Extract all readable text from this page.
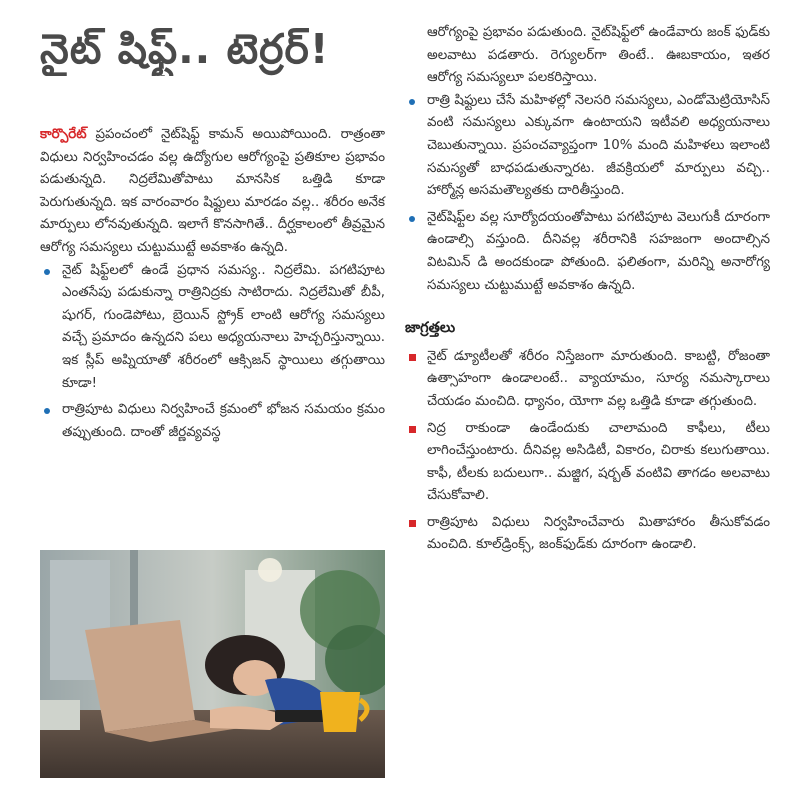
నైట్ షిఫ్ట్.. టెర్రర్!

కార్పొరేట్ ప్రపంచంలో నైట్‌షిఫ్ట్ కామన్ అయిపోయింది. రాత్రంతా విధులు నిర్వహించడం వల్ల ఉద్యోగుల ఆరోగ్యంపై ప్రతికూల ప్రభావం పడుతున్నది. నిద్రలేమితోపాటు మానసిక ఒత్తిడి కూడా పెరుగుతున్నది. ఇక వారంవారం షిఫ్టులు మారడం వల్ల.. శరీరం అనేక మార్పులు లోనవుతున్నది. ఇలాగే కొనసాగితే.. దీర్ఘకాలంలో తీవ్రమైన ఆరోగ్య సమస్యలు చుట్టుముట్టే అవకాశం ఉన్నది.

నైట్ షిఫ్ట్‌లలో ఉండే ప్రధాన సమస్య.. నిద్రలేమి. పగటిపూట ఎంతసేపు పడుకున్నా రాత్రినిద్రకు సాటిరాదు. నిద్రలేమితో బీపీ, షుగర్, గుండెపోటు, బ్రెయిన్ స్ట్రోక్ లాంటి ఆరోగ్య సమస్యలు వచ్చే ప్రమాదం ఉన్నదని పలు అధ్యయనాలు హెచ్చరిస్తున్నాయి. ఇక స్లీప్ అప్నియాతో శరీరంలో ఆక్సిజన్ స్థాయిలు తగ్గుతాయి కూడా!
రాత్రిపూట విధులు నిర్వహించే క్రమంలో భోజన సమయం క్రమం తప్పుతుంది. దాంతో జీర్ణవ్యవస్థ

ఆరోగ్యంపై ప్రభావం పడుతుంది. నైట్‌షిఫ్ట్‌లో ఉండేవారు జంక్ ఫుడ్‌కు అలవాటు పడతారు. రెగ్యులర్‌గా తింటే.. ఊబకాయం, ఇతర ఆరోగ్య సమస్యలూ పలకరిస్తాయి.

రాత్రి షిఫ్టులు చేసే మహిళల్లో నెలసరి సమస్యలు, ఎండోమెట్రియోసిస్ వంటి సమస్యలు ఎక్కువగా ఉంటాయని ఇటీవలి అధ్యయనాలు చెబుతున్నాయి. ప్రపంచవ్యాప్తంగా 10% మంది మహిళలు ఇలాంటి సమస్యతో బాధపడుతున్నారట. జీవక్రియలో మార్పులు వచ్చి.. హార్మోన్ల అసమతౌల్యతకు దారితీస్తుంది.
నైట్‌షిఫ్ట్‌ల వల్ల సూర్యోదయంతోపాటు పగటిపూట వెలుగుకీ దూరంగా ఉండాల్సి వస్తుంది. దీనివల్ల శరీరానికి సహజంగా అందాల్సిన విటమిన్ డి అందకుండా పోతుంది. ఫలితంగా, మరిన్ని అనారోగ్య సమస్యలు చుట్టుముట్టే అవకాశం ఉన్నది.
జాగ్రత్తలు
నైట్ డ్యూటీలతో శరీరం నిస్తేజంగా మారుతుంది. కాబట్టి, రోజంతా ఉత్సాహంగా ఉండాలంటే.. వ్యాయామం, సూర్య నమస్కారాలు చేయడం మంచిది. ధ్యానం, యోగా వల్ల ఒత్తిడి కూడా తగ్గుతుంది.
నిద్ర రాకుండా ఉండేందుకు చాలామంది కాఫీలు, టీలు లాగించేస్తుంటారు. దీనివల్ల అసిడిటీ, వికారం, చిరాకు కలుగుతాయి. కాఫీ, టీలకు బదులుగా.. మజ్జిగ, షర్బత్ వంటివి తాగడం అలవాటు చేసుకోవాలి.
రాత్రిపూట విధులు నిర్వహించేవారు మితాహారం తీసుకోవడం మంచిది. కూల్‌డ్రింక్స్, జంక్‌ఫుడ్‌కు దూరంగా ఉండాలి.
